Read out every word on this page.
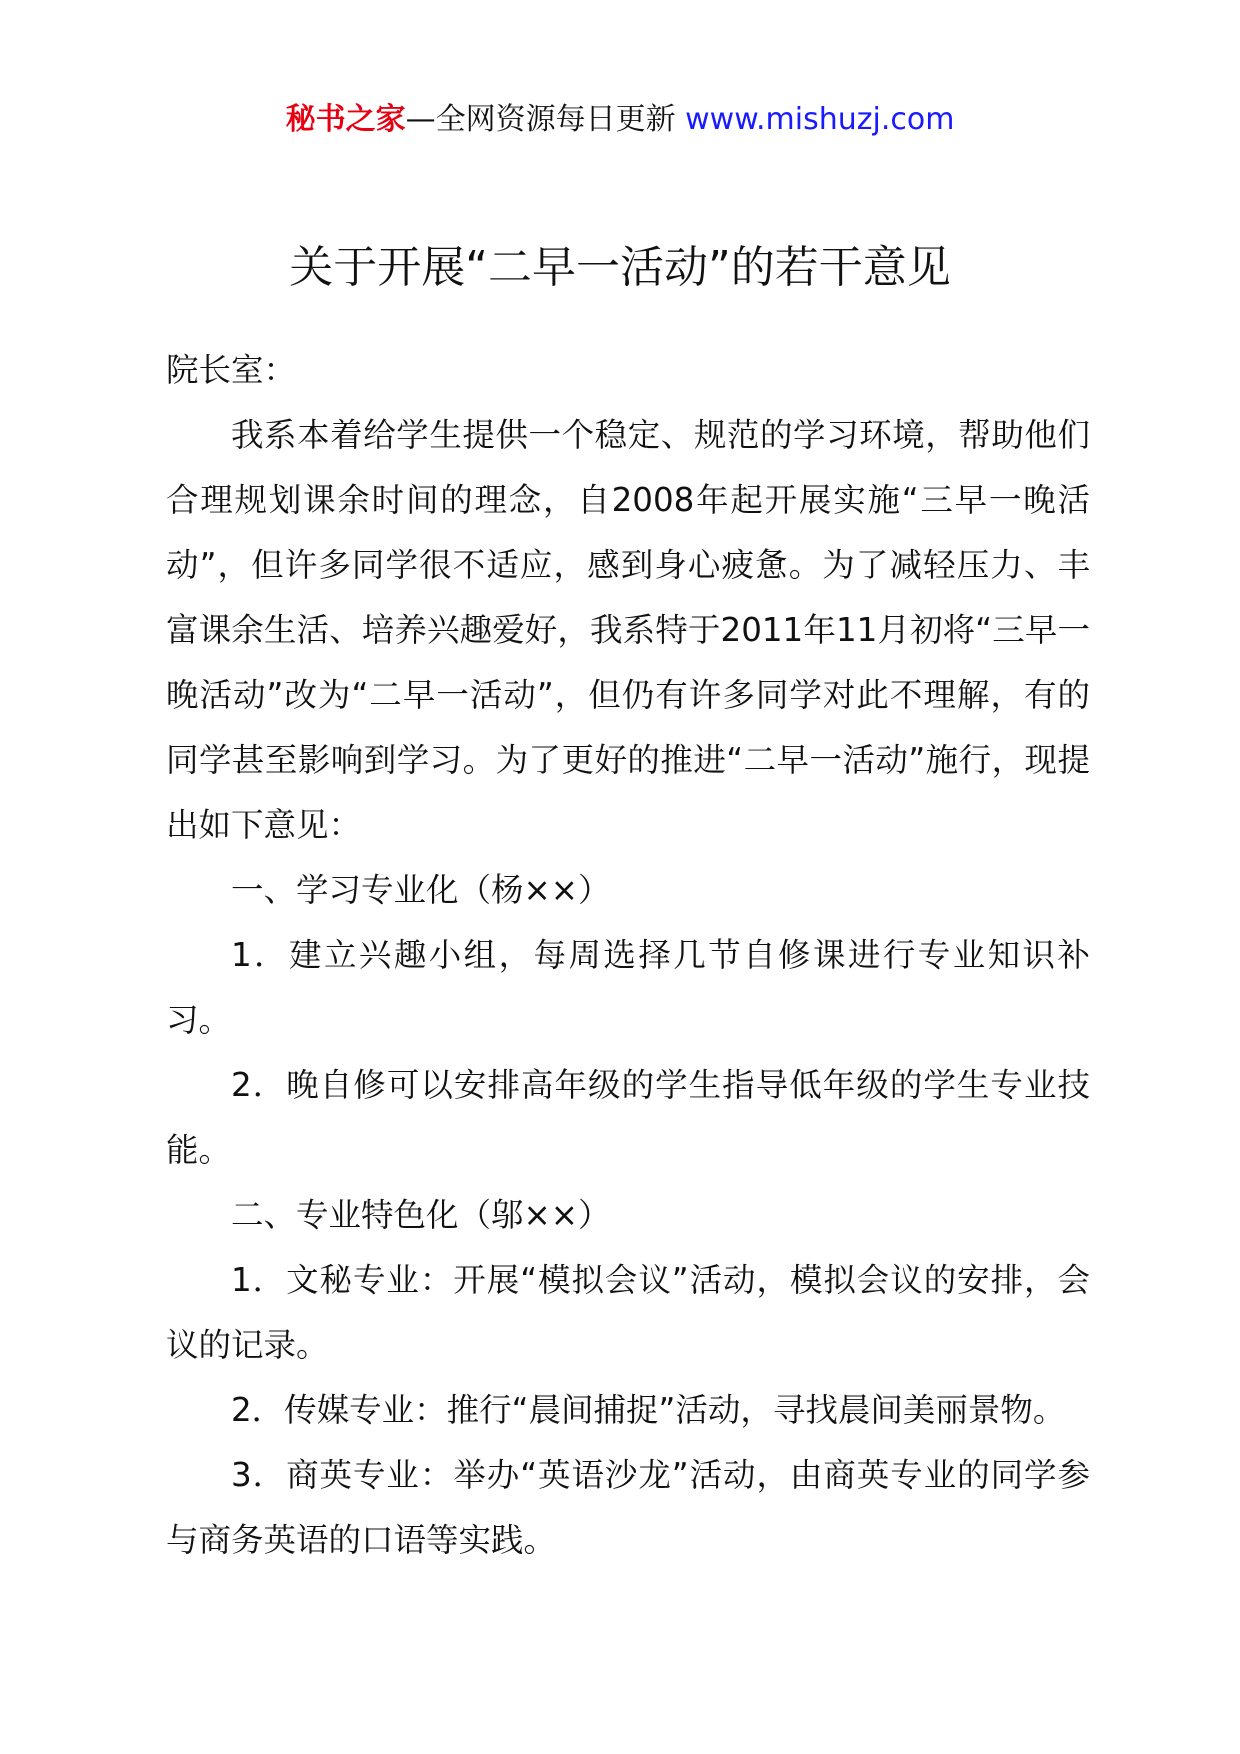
秘书之家—全网资源每日更新 www.mishuzj.com
关于开展“二早一活动”的若干意见

院长室：

我系本着给学生提供一个稳定、规范的学习环境，帮助他们合理规划课余时间的理念，自2008年起开展实施“三早一晚活动”，但许多同学很不适应，感到身心疲惫。为了减轻压力、丰富课余生活、培养兴趣爱好，我系特于2011年11月初将“三早一晚活动”改为“二早一活动”，但仍有许多同学对此不理解，有的同学甚至影响到学习。为了更好的推进“二早一活动”施行，现提出如下意见：

一、学习专业化（杨××）

1．建立兴趣小组，每周选择几节自修课进行专业知识补习。

2．晚自修可以安排高年级的学生指导低年级的学生专业技能。

二、专业特色化（邬××）

1．文秘专业：开展“模拟会议”活动，模拟会议的安排，会议的记录。

2．传媒专业：推行“晨间捕捉”活动，寻找晨间美丽景物。

3．商英专业：举办“英语沙龙”活动，由商英专业的同学参与商务英语的口语等实践。
